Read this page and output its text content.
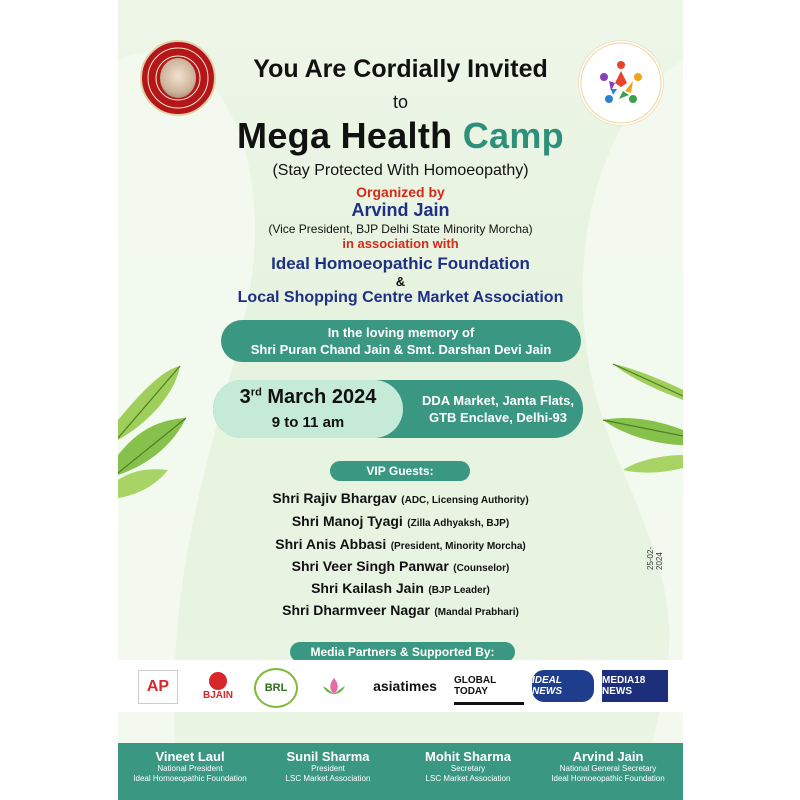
You Are Cordially Invited
to
Mega Health Camp
(Stay Protected With Homoeopathy)
Organized by
Arvind Jain
(Vice President, BJP Delhi State Minority Morcha)
in association with
Ideal Homoeopathic Foundation
&
Local Shopping Centre Market Association
In the loving memory of
Shri Puran Chand Jain & Smt. Darshan Devi Jain
3rd March 2024
9 to 11 am
DDA Market, Janta Flats,
GTB Enclave, Delhi-93
VIP Guests:
Shri Rajiv Bhargav (ADC, Licensing Authority)
Shri Manoj Tyagi (Zilla Adhyaksh, BJP)
Shri Anis Abbasi (President, Minority Morcha)
Shri Veer Singh Panwar (Counselor)
Shri Kailash Jain (BJP Leader)
Shri Dharmveer Nagar (Mandal Prabhari)
25-02-2024
Media Partners & Supported By:
AP	BJAIN
BRL	asiatimes	GLOBAL TODAY
IDEAL NEWS
MEDIA18 NEWS
Vineet Laul
National President
Ideal Homoeopathic Foundation
Sunil Sharma
President
LSC Market Association
Mohit Sharma
Secretary
LSC Market Association
Arvind Jain
National General Secretary
Ideal Homoeopathic Foundation
